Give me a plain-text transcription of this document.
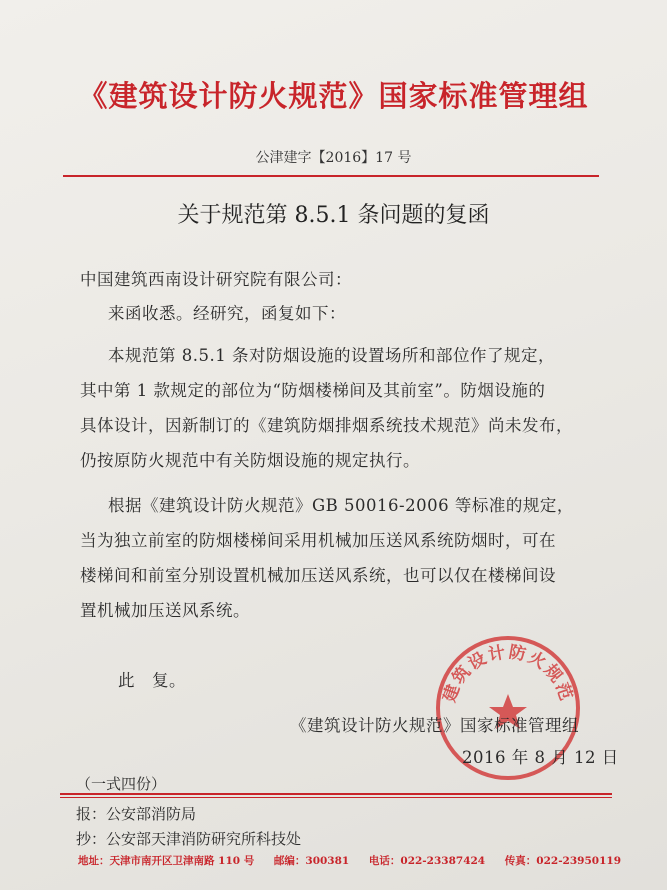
《建筑设计防火规范》国家标准管理组
公津建字【2016】17 号
关于规范第 8.5.1 条问题的复函
中国建筑西南设计研究院有限公司：
来函收悉。经研究，函复如下：
本规范第 8.5.1 条对防烟设施的设置场所和部位作了规定，
其中第 1 款规定的部位为“防烟楼梯间及其前室”。防烟设施的
具体设计，因新制订的《建筑防烟排烟系统技术规范》尚未发布，
仍按原防火规范中有关防烟设施的规定执行。
根据《建筑设计防火规范》GB 50016-2006 等标准的规定，
当为独立前室的防烟楼梯间采用机械加压送风系统防烟时，可在
楼梯间和前室分别设置机械加压送风系统，也可以仅在楼梯间设
置机械加压送风系统。
此　复。	建筑设计防火规范
《建筑设计防火规范》国家标准管理组
2016 年 8 月 12 日
（一式四份）
报：公安部消防局
抄：公安部天津消防研究所科技处
地址：天津市南开区卫津南路 110 号 邮编：300381 电话：022-23387424 传真：022-23950119
